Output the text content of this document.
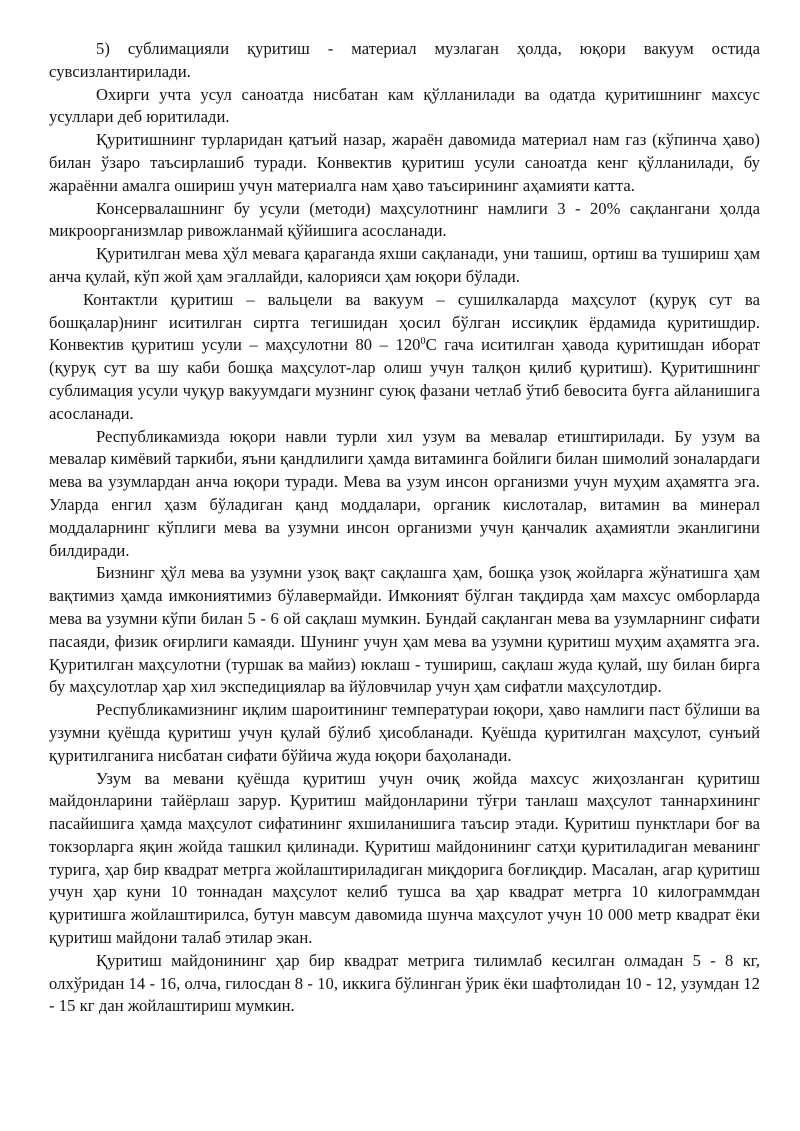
5) сублимацияли қуритиш - материал музлаган ҳолда, юқори вакуум остида сувсизлантирилади.

Охирги учта усул саноатда нисбатан кам қўлланилади ва одатда қуритишнинг махсус усуллари деб юритилади.

Қуритишнинг турларидан қатъий назар, жараён давомида материал нам газ (кўпинча ҳаво) билан ўзаро таъсирлашиб туради. Конвектив қуритиш усули саноатда кенг қўлланилади, бу жараённи амалга ошириш учун материалга нам ҳаво таъсирининг аҳамияти катта.

Консервалашнинг бу усули (методи) маҳсулотнинг намлиги 3 - 20% сақлангани ҳолда микроорганизмлар ривожланмай қўйишига асосланади.

Қуритилган мева ҳўл мевага қараганда яхши сақланади, уни ташиш, ортиш ва тушириш ҳам анча қулай, кўп жой ҳам эгаллайди, калорияси ҳам юқори бўлади.

Контактли қуритиш – вальцели ва вакуум – сушилкаларда маҳсулот (қуруқ сут ва бошқалар)нинг иситилган сиртга тегишидан ҳосил бўлган иссиқлик ёрдамида қуритишдир. Конвектив қуритиш усули – маҳсулотни $80 - 120^0С$ гача иситилган ҳавода қуритишдан иборат (қуруқ сут ва шу каби бошқа маҳсулот-лар олиш учун талқон қилиб қуритиш). Қуритишнинг сублимация усули чуқур вакуумдаги музнинг суюқ фазани четлаб ўтиб бевосита буғга айланишига асосланади.

Республикамизда юқори навли турли хил узум ва мевалар етиштирилади. Бу узум ва мевалар кимёвий таркиби, яъни қандлилиги ҳамда витаминга бойлиги билан шимолий зоналардаги мева ва узумлардан анча юқори туради. Мева ва узум инсон организми учун муҳим аҳамятга эга. Уларда енгил ҳазм бўладиган қанд моддалари, органик кислоталар, витамин ва минерал моддаларнинг кўплиги мева ва узумни инсон организми учун қанчалик аҳамиятли эканлигини билдиради.

Бизнинг ҳўл мева ва узумни узоқ вақт сақлашга ҳам, бошқа узоқ жойларга жўнатишга ҳам вақтимиз ҳамда имкониятимиз бўлавермайди. Имконият бўлган тақдирда ҳам махсус омборларда мева ва узумни кўпи билан 5 - 6 ой сақлаш мумкин. Бундай сақланган мева ва узумларнинг сифати пасаяди, физик оғирлиги камаяди. Шунинг учун ҳам мева ва узумни қуритиш муҳим аҳамятга эга. Қуритилган маҳсулотни (туршак ва майиз) юклаш - тушириш, сақлаш жуда қулай, шу билан бирга бу маҳсулотлар ҳар хил экспедициялар ва йўловчилар учун ҳам сифатли маҳсулотдир.

Республикамизнинг иқлим шароитининг температураи юқори, ҳаво намлиги паст бўлиши ва узумни қуёшда қуритиш учун қулай бўлиб ҳисобланади. Қуёшда қуритилган маҳсулот, сунъий қуритилганига нисбатан сифати бўйича жуда юқори баҳоланади.

Узум ва мевани қуёшда қуритиш учун очиқ жойда махсус жиҳозланган қуритиш майдонларини тайёрлаш зарур. Қуритиш майдонларини тўғри танлаш маҳсулот таннархининг пасайишига ҳамда маҳсулот сифатининг яхшиланишига таъсир этади. Қуритиш пунктлари боғ ва токзорларга яқин жойда ташкил қилинади. Қуритиш майдонининг сатҳи қуритиладиган меванинг турига, ҳар бир квадрат метрга жойлаштириладиган миқдорига боғлиқдир. Масалан, агар қуритиш учун ҳар куни 10 тоннадан маҳсулот келиб тушса ва ҳар квадрат метрга 10 килограммдан қуритишга жойлаштирилса, бутун мавсум давомида шунча маҳсулот учун 10 000 метр квадрат ёки қуритиш майдони талаб этилар экан.

Қуритиш майдонининг ҳар бир квадрат метрига тилимлаб кесилган олмадан 5 - 8 кг, олхўридан 14 - 16, олча, гилосдан 8 - 10, иккига бўлинган ўрик ёки шафтолидан 10 - 12, узумдан 12 - 15 кг дан жойлаштириш мумкин.
